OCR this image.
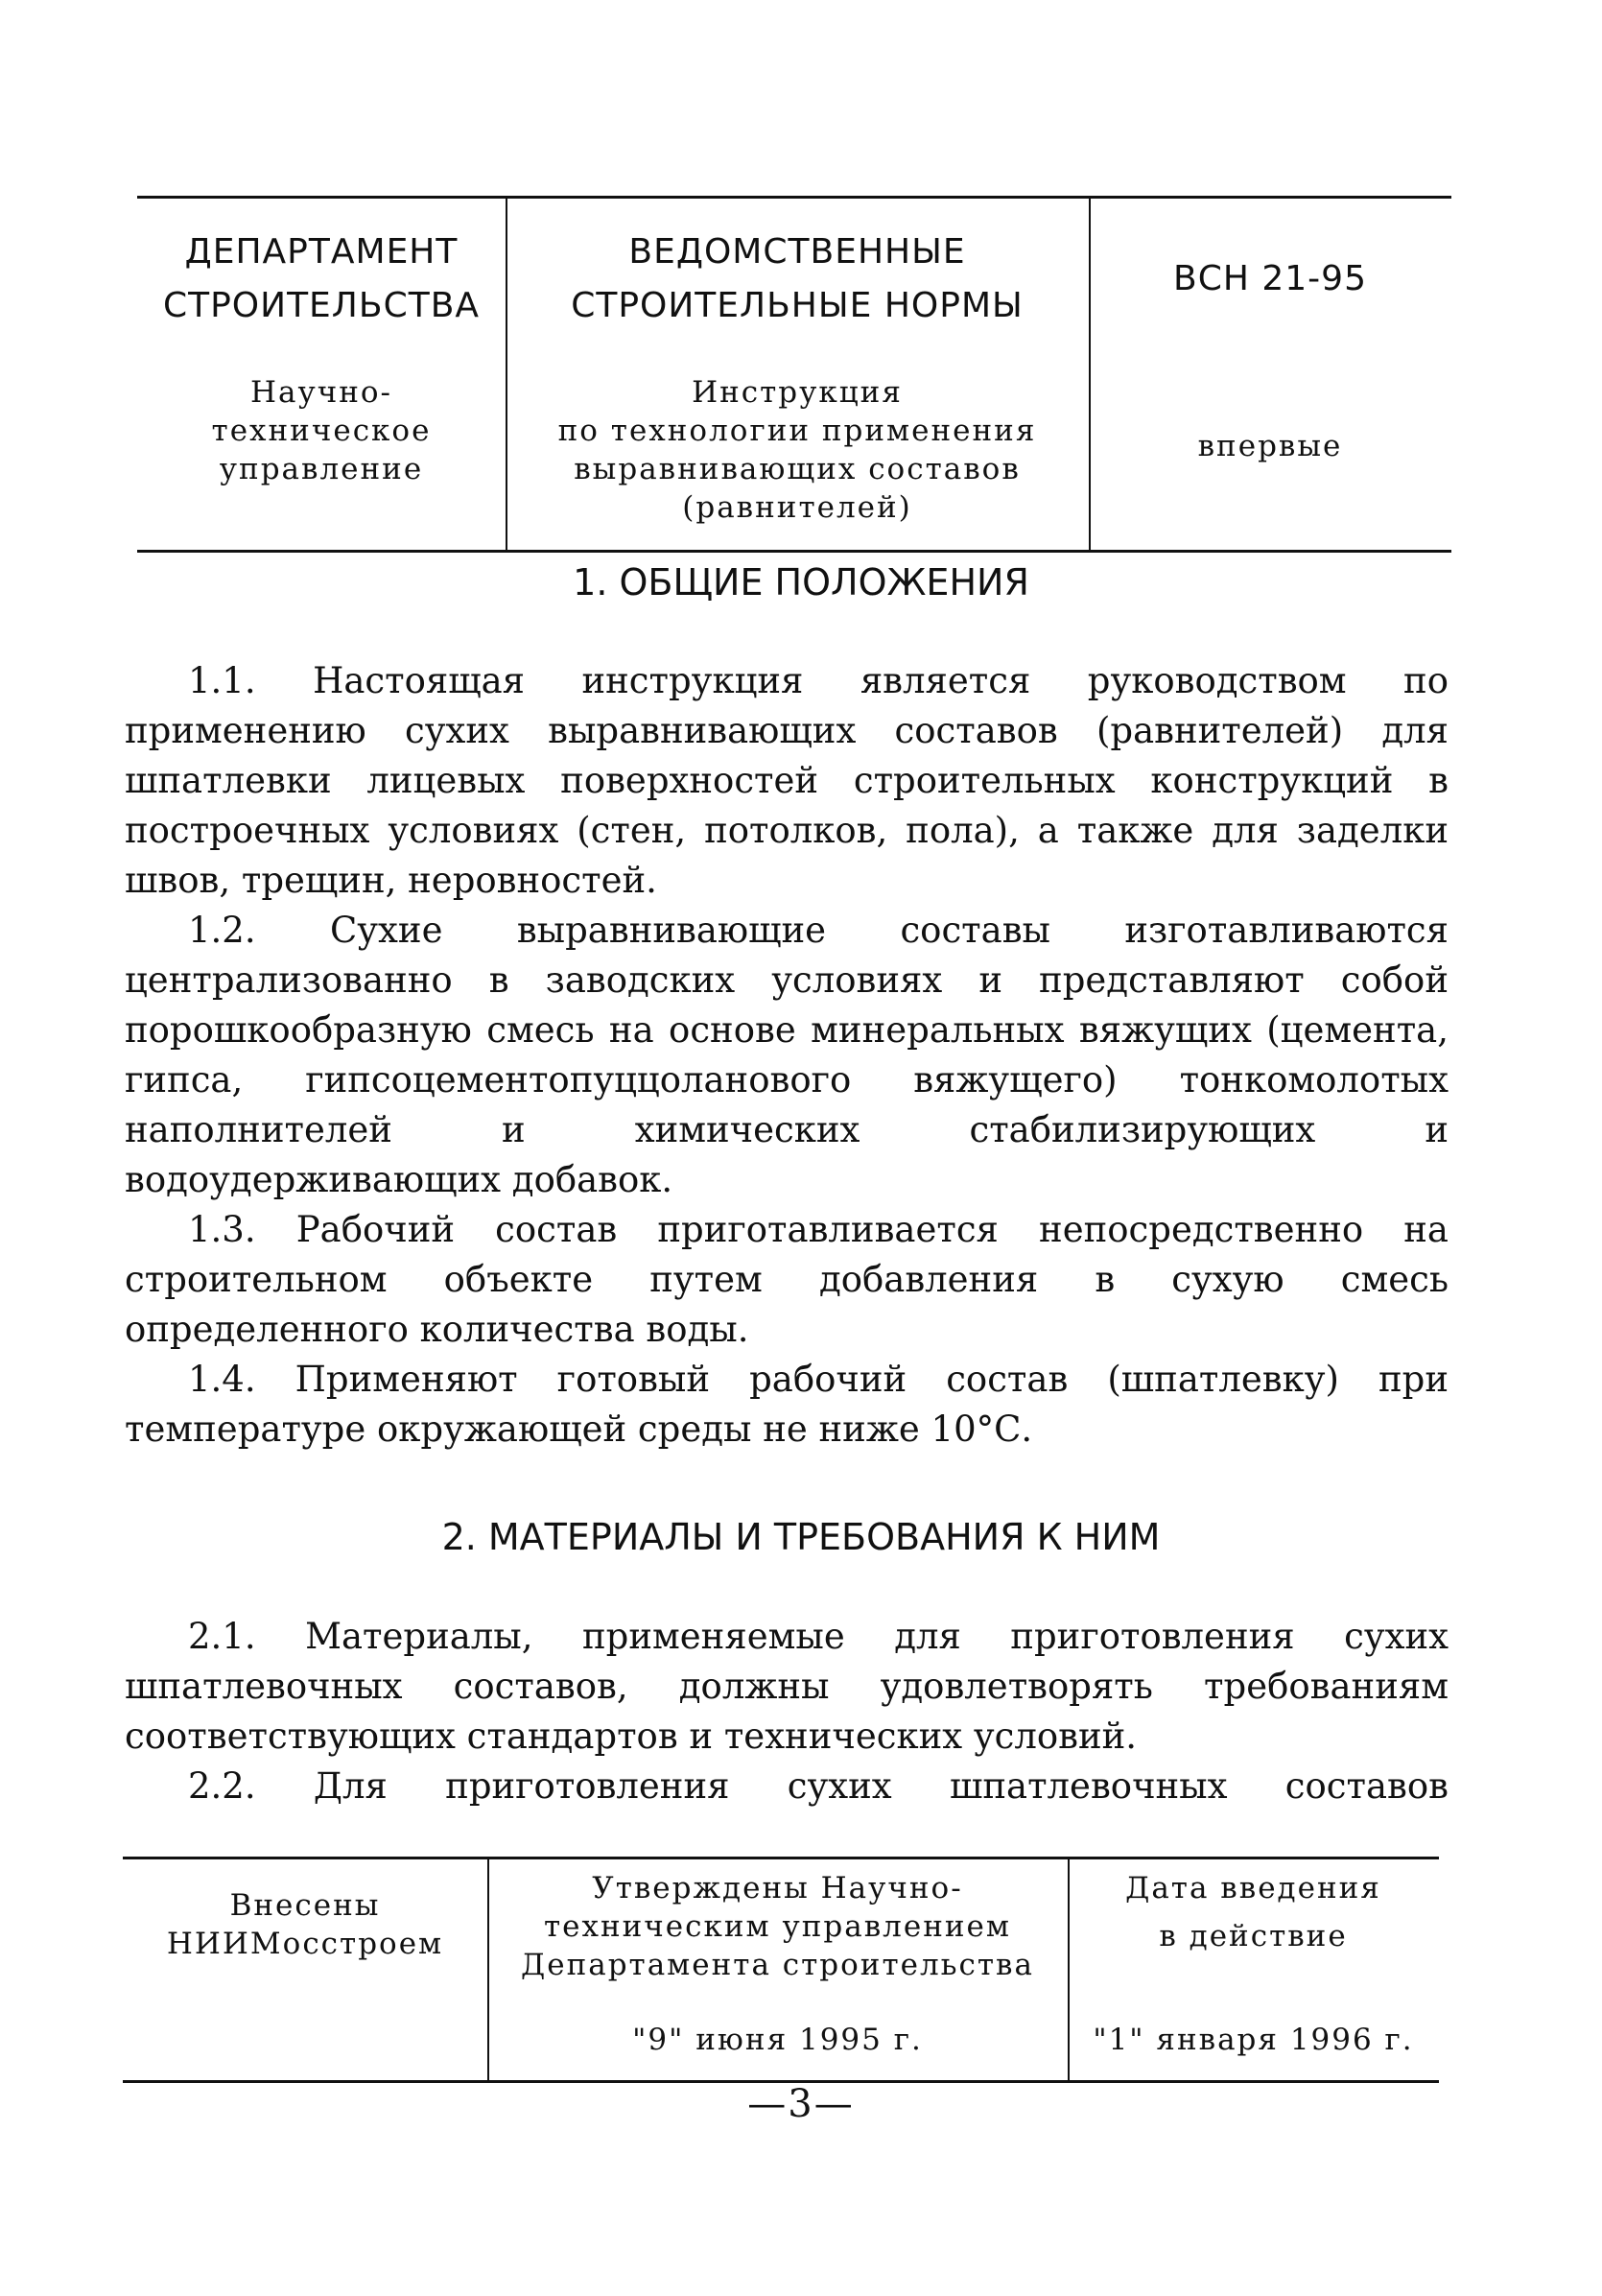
ДЕПАРТАМЕНТ
СТРОИТЕЛЬСТВА
ВЕДОМСТВЕННЫЕ
СТРОИТЕЛЬНЫЕ НОРМЫ
ВСН 21-95
Научно-
техническое
управление
Инструкция
по технологии применения
выравнивающих составов
(равнителей)
впервые
1. ОБЩИЕ ПОЛОЖЕНИЯ
1.1. Настоящая инструкция является руководством по
применению сухих выравнивающих составов (равнителей) для
шпатлевки лицевых поверхностей строительных конструкций в
построечных условиях (стен, потолков, пола), а также для заделки
швов, трещин, неровностей.
1.2. Сухие выравнивающие составы изготавливаются
централизованно в заводских условиях и представляют собой
порошкообразную смесь на основе минеральных вяжущих (цемента,
гипса, гипсоцементопуццоланового вяжущего) тонкомолотых
наполнителей и химических стабилизирующих и
водоудерживающих добавок.
1.3. Рабочий состав приготавливается непосредственно на
строительном объекте путем добавления в сухую смесь
определенного количества воды.
1.4. Применяют готовый рабочий состав (шпатлевку) при
температуре окружающей среды не ниже 10°С.
2. МАТЕРИАЛЫ И ТРЕБОВАНИЯ К НИМ
2.1. Материалы, применяемые для приготовления сухих
шпатлевочных составов, должны удовлетворять требованиям
соответствующих стандартов и технических условий.
2.2. Для приготовления сухих шпатлевочных составов
Внесены
НИИМосстроем
Утверждены Научно-
техническим управлением
Департамента строительства
"9" июня 1995 г.
Дата введения
в действие
"1" января 1996 г.
—3—
